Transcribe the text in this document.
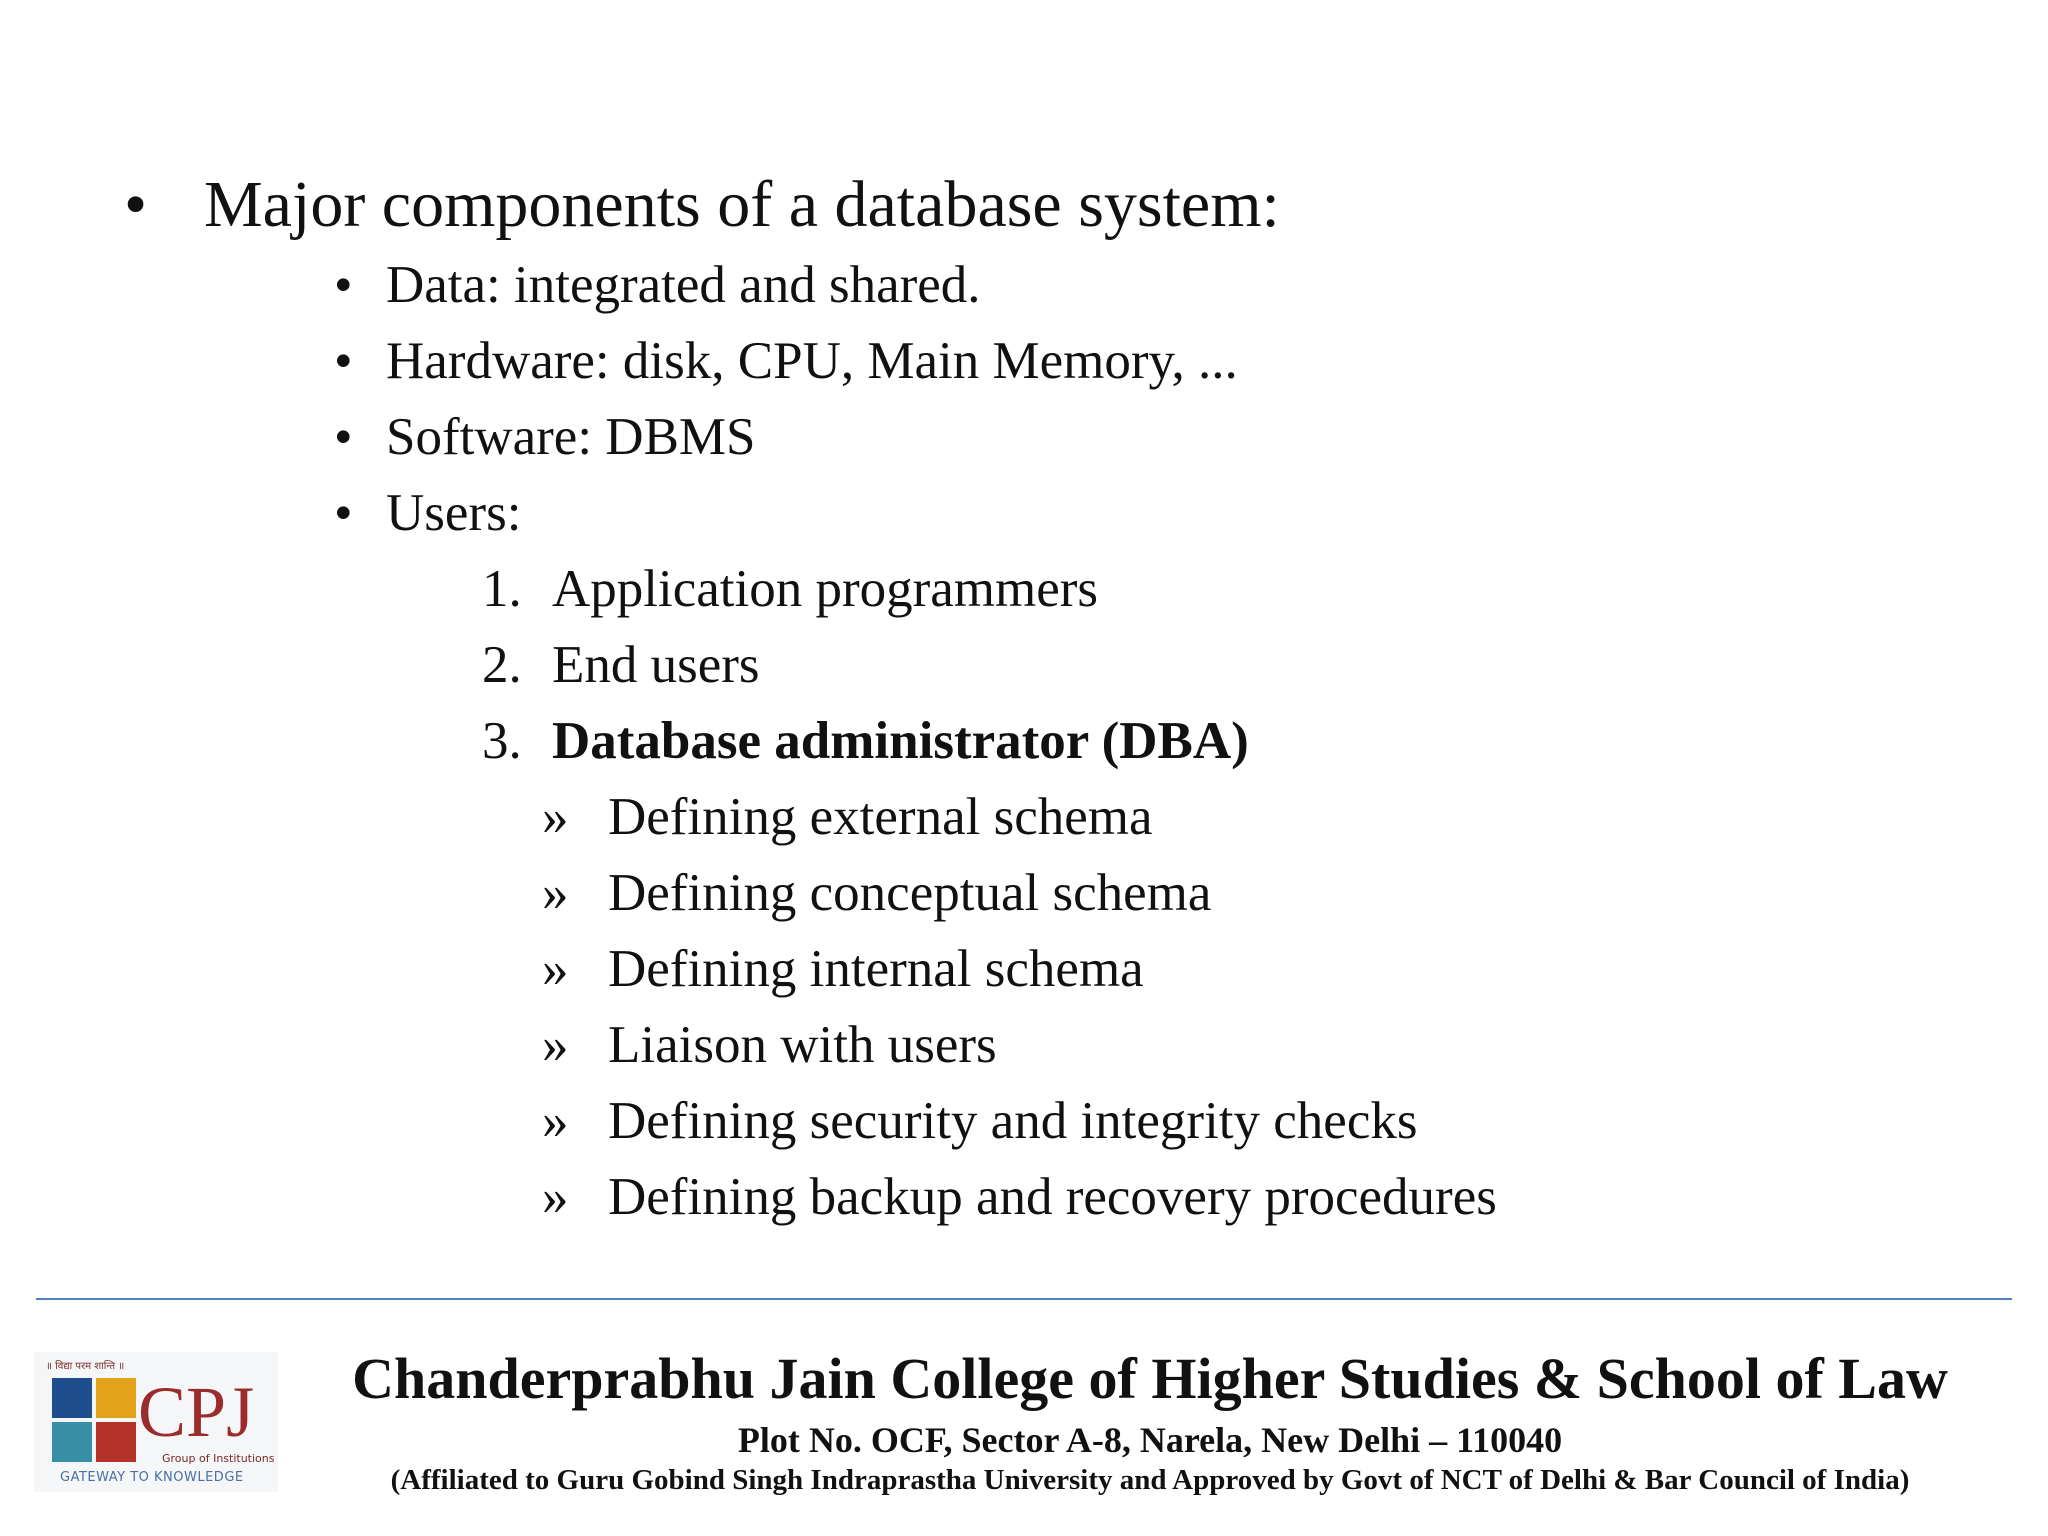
• Major components of a database system:
• Data: integrated and shared.
• Hardware: disk, CPU, Main Memory, ...
• Software: DBMS
• Users:
1. Application programmers
2. End users
3. Database administrator (DBA)
» Defining external schema
» Defining conceptual schema
» Defining internal schema
» Liaison with users
» Defining security and integrity checks
» Defining backup and recovery procedures
॥ विद्या परम शान्ति ॥
CPJ
Group of Institutions
GATEWAY TO KNOWLEDGE
Chanderprabhu Jain College of Higher Studies & School of Law
Plot No. OCF, Sector A-8, Narela, New Delhi – 110040
(Affiliated to Guru Gobind Singh Indraprastha University and Approved by Govt of NCT of Delhi & Bar Council of India)
